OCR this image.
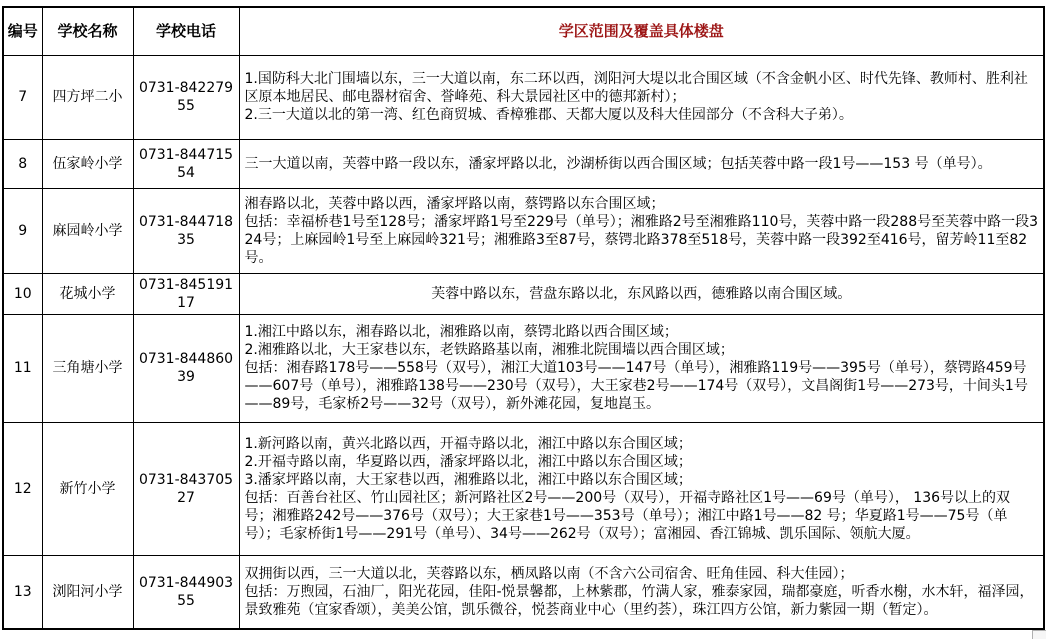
编号	学校名称	学校电话	学区范围及覆盖具体楼盘
7	四方坪二小	0731-84227955	1.国防科大北门围墙以东，三一大道以南，东二环以西，浏阳河大堤以北合围区域（不含金帆小区、时代先锋、教师村、胜利社区原本地居民、邮电器材宿舍、誉峰苑、科大景园社区中的德邦新村）；
2.三一大道以北的第一湾、红色商贸城、香樟雅郡、天都大厦以及科大佳园部分（不含科大子弟）。

8	伍家岭小学	0731-84471554	三一大道以南，芙蓉中路一段以东，潘家坪路以北，沙湖桥街以西合围区域；包括芙蓉中路一段1号——153 号（单号）。

9	麻园岭小学	0731-84471835	湘春路以北，芙蓉中路以西，潘家坪路以南，蔡锷路以东合围区域；
包括：幸福桥巷1号至128号；潘家坪路1号至229号（单号）；湘雅路2号至湘雅路110号，芙蓉中路一段288号至芙蓉中路一段324号；上麻园岭1号至上麻园岭321号；湘雅路3至87号，蔡锷北路378至518号，芙蓉中路一段392至416号，留芳岭11至82号。

10	花城小学	0731-84519117	芙蓉中路以东，营盘东路以北，东风路以西，德雅路以南合围区域。

11	三角塘小学	0731-84486039	1.湘江中路以东，湘春路以北，湘雅路以南，蔡锷北路以西合围区域；
2.湘雅路以北，大王家巷以东，老铁路路基以南，湘雅北院围墙以西合围区域；
包括：湘春路178号——558号（双号），湘江大道103号——147号（单号），湘雅路119号——395号（单号），蔡锷路459号——607号（单号），湘雅路138号——230号（双号），大王家巷2号——174号（双号），文昌阁街1号——273号，十间头1号——89号，毛家桥2号——32号（双号），新外滩花园，复地崑玉。

12	新竹小学	0731-84370527	1.新河路以南，黄兴北路以西，开福寺路以北，湘江中路以东合围区域；
2.开福寺路以南，华夏路以西，潘家坪路以北，湘江中路以东合围区域；
3.潘家坪路以南，大王家巷以西，湘雅路以北，湘江中路以东合围区域；
包括：百善台社区、竹山园社区；新河路社区2号——200号（双号），开福寺路社区1号——69号（单号）， 136号以上的双号；湘雅路242号——376号（双号）；大王家巷1号——353号（单号）；湘江中路1号——82 号；华夏路1号——75号（单号）；毛家桥街1号——291号（单号）、34号——262号（双号）；富湘园、香江锦城、凯乐国际、领航大厦。

13	浏阳河小学	0731-84490355	双拥街以西，三一大道以北，芙蓉路以东，栖凤路以南（不含六公司宿舍、旺角佳园、科大佳园）；
包括：万煦园，石油厂，阳光花园，佳阳-悦景馨都，上林紫郡，竹满人家，雅泰家园，瑞都豪庭，听香水榭，水木轩，福泽园，景致雅苑（宜家香颂），美美公馆，凯乐微谷，悦荟商业中心（里约荟），珠江四方公馆，新力紫园一期（暂定）。
